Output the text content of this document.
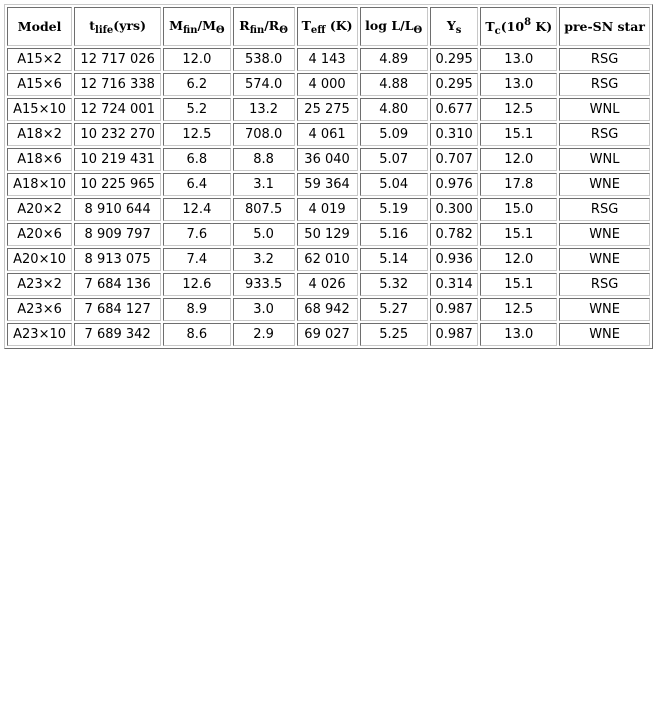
Model	$t_{life}(yrs)$	$M_{fin}/M_\Theta$	$R_{fin}/R_\Theta$	$T_{eff}$ (K)	$\log L/L_\Theta$	$Y_s$	$T_c(10^8$ K)	pre-SN star
A15×2	12 717 026	12.0	538.0	4 143	4.89	0.295	13.0	RSG
A15×6	12 716 338	6.2	574.0	4 000	4.88	0.295	13.0	RSG
A15×10	12 724 001	5.2	13.2	25 275	4.80	0.677	12.5	WNL
A18×2	10 232 270	12.5	708.0	4 061	5.09	0.310	15.1	RSG
A18×6	10 219 431	6.8	8.8	36 040	5.07	0.707	12.0	WNL
A18×10	10 225 965	6.4	3.1	59 364	5.04	0.976	17.8	WNE
A20×2	8 910 644	12.4	807.5	4 019	5.19	0.300	15.0	RSG
A20×6	8 909 797	7.6	5.0	50 129	5.16	0.782	15.1	WNE
A20×10	8 913 075	7.4	3.2	62 010	5.14	0.936	12.0	WNE
A23×2	7 684 136	12.6	933.5	4 026	5.32	0.314	15.1	RSG
A23×6	7 684 127	8.9	3.0	68 942	5.27	0.987	12.5	WNE
A23×10	7 689 342	8.6	2.9	69 027	5.25	0.987	13.0	WNE
